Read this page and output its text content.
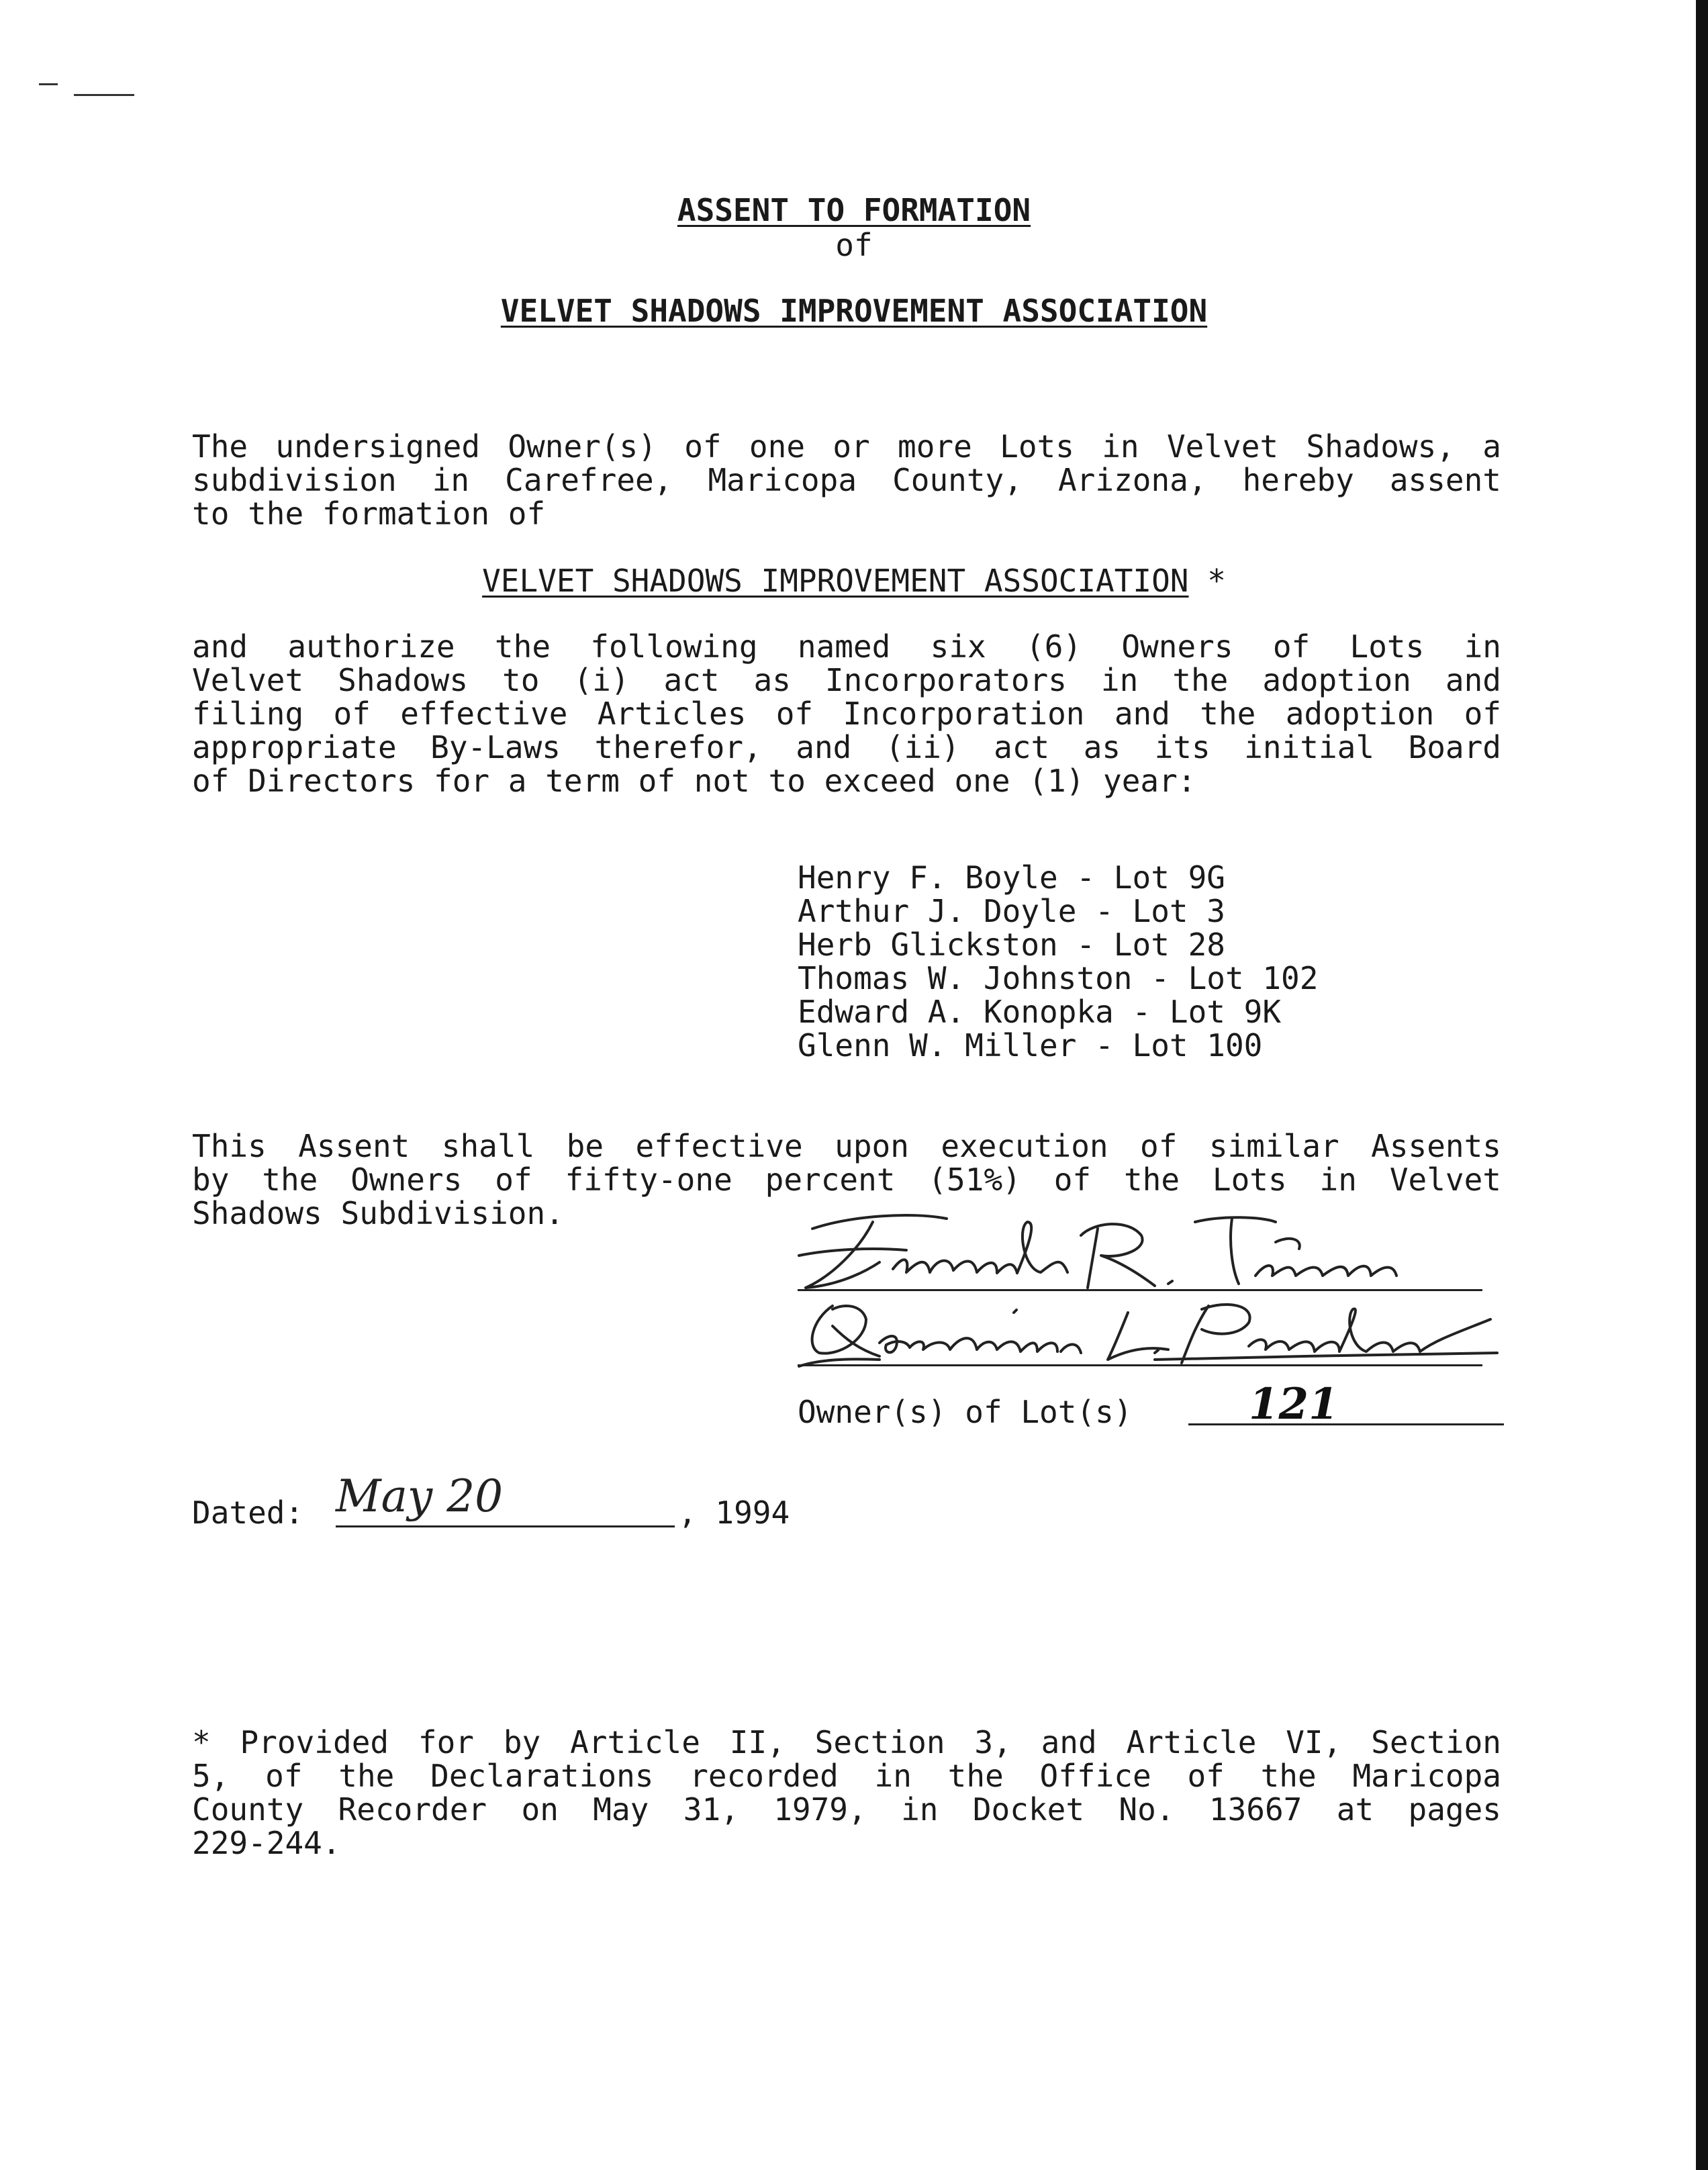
ASSENT TO FORMATION
of
VELVET SHADOWS IMPROVEMENT ASSOCIATION

The undersigned Owner(s) of one or more Lots in Velvet Shadows, a
subdivision in Carefree, Maricopa County, Arizona, hereby assent
to the formation of

VELVET SHADOWS IMPROVEMENT ASSOCIATION *

and authorize the following named six (6) Owners of Lots in
Velvet Shadows to (i) act as Incorporators in the adoption and
filing of effective Articles of Incorporation and the adoption of
appropriate By-Laws therefor, and (ii) act as its initial Board
of Directors for a term of not to exceed one (1) year:

Henry F. Boyle - Lot 9G
Arthur J. Doyle - Lot 3
Herb Glickston - Lot 28
Thomas W. Johnston - Lot 102
Edward A. Konopka - Lot 9K
Glenn W. Miller - Lot 100

This Assent shall be effective upon execution of similar Assents
by the Owners of fifty-one percent (51%) of the Lots in Velvet
Shadows Subdivision.

Owner(s) of Lot(s)	121
Dated: May 20	, 1994

* Provided for by Article II, Section 3, and Article VI, Section
5, of the Declarations recorded in the Office of the Maricopa
County Recorder on May 31, 1979, in Docket No. 13667 at pages
229-244.
